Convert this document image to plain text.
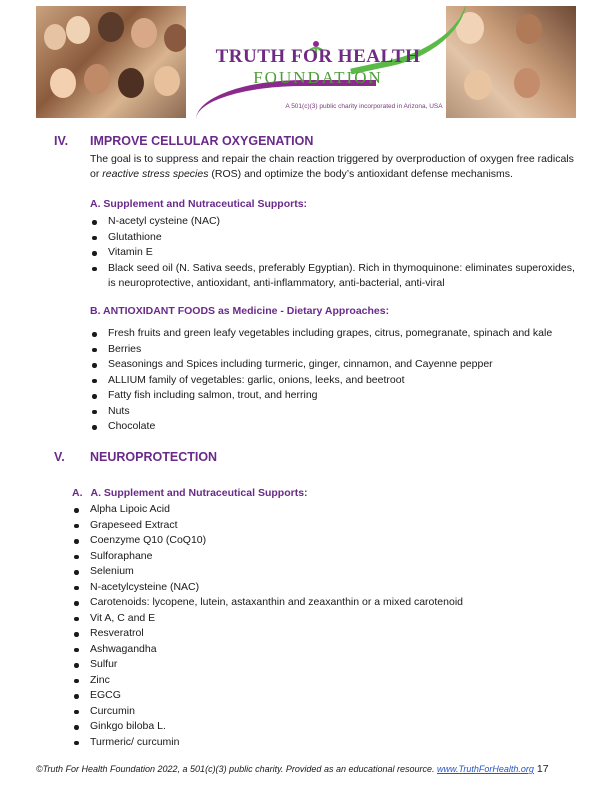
TRUTH FOR HEALTH
FOUNDATION
A 501(c)(3) public charity incorporated in Arizona, USA
IV. IMPROVE CELLULAR OXYGENATION
The goal is to suppress and repair the chain reaction triggered by overproduction of oxygen free radicals or reactive stress species (ROS) and optimize the body’s antioxidant defense mechanisms.
A. Supplement and Nutraceutical Supports:
N-acetyl cysteine (NAC)
Glutathione
Vitamin E
Black seed oil (N. Sativa seeds, preferably Egyptian). Rich in thymoquinone: eliminates superoxides, is neuroprotective, antioxidant, anti-inflammatory, anti-bacterial, anti-viral
B. ANTIOXIDANT FOODS as Medicine - Dietary Approaches:
Fresh fruits and green leafy vegetables including grapes, citrus, pomegranate, spinach and kale
Berries
Seasonings and Spices including turmeric, ginger, cinnamon, and Cayenne pepper
ALLIUM family of vegetables: garlic, onions, leeks, and beetroot
Fatty fish including salmon, trout, and herring
Nuts
Chocolate
V. NEUROPROTECTION
A. A. Supplement and Nutraceutical Supports:
Alpha Lipoic Acid
Grapeseed Extract
Coenzyme Q10 (CoQ10)
Sulforaphane
Selenium
N-acetylcysteine (NAC)
Carotenoids: lycopene, lutein, astaxanthin and zeaxanthin or a mixed carotenoid
Vit A, C and E
Resveratrol
Ashwagandha
Sulfur
Zinc
EGCG
Curcumin
Ginkgo biloba L.
Turmeric/ curcumin
©Truth For Health Foundation 2022, a 501(c)(3) public charity. Provided as an educational resource. www.TruthForHealth.org 17
